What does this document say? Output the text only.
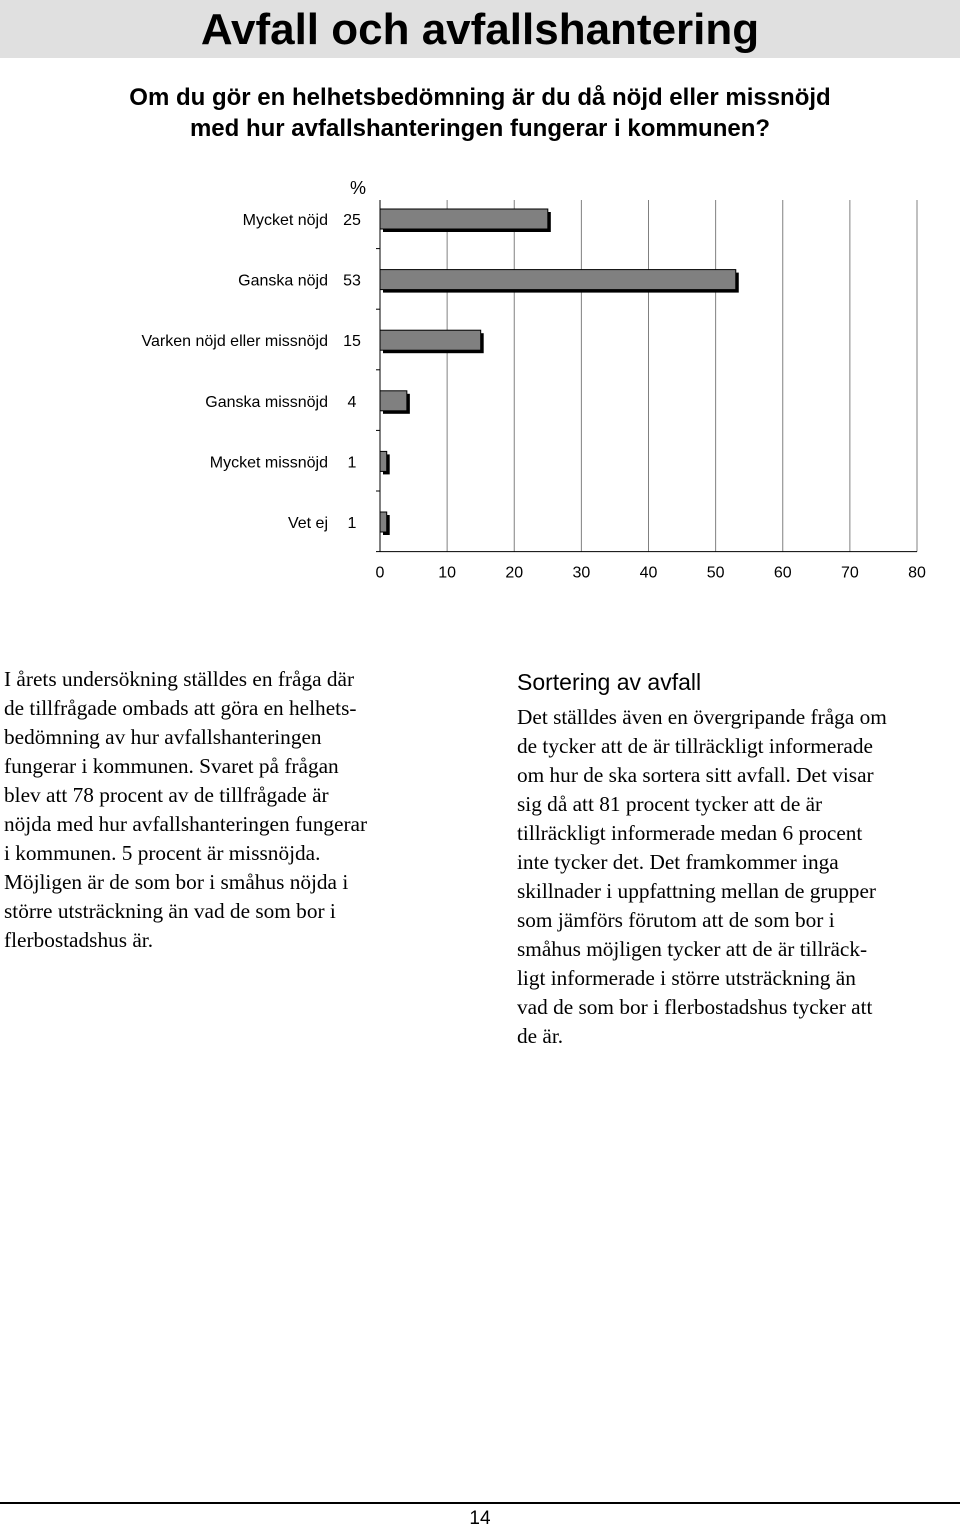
Avfall och avfallshantering
Om du gör en helhetsbedömning är du då nöjd eller missnöjd
med hur avfallshanteringen fungerar i kommunen?
%
Mycket nöjd 25
Ganska nöjd 53
Varken nöjd eller missnöjd 15
Ganska missnöjd 4
Mycket missnöjd 1
Vet ej 1
0	10	20	30	40	50	60	70	80
I årets undersökning ställdes en fråga där
de tillfrågade ombads att göra en helhets-
bedömning av hur avfallshanteringen
fungerar i kommunen. Svaret på frågan
blev att 78 procent av de tillfrågade är
nöjda med hur avfallshanteringen fungerar
i kommunen. 5 procent är missnöjda.
Möjligen är de som bor i småhus nöjda i
större utsträckning än vad de som bor i
flerbostadshus är.
Sortering av avfall
Det ställdes även en övergripande fråga om
de tycker att de är tillräckligt informerade
om hur de ska sortera sitt avfall. Det visar
sig då att 81 procent tycker att de är
tillräckligt informerade medan 6 procent
inte tycker det. Det framkommer inga
skillnader i uppfattning mellan de grupper
som jämförs förutom att de som bor i
småhus möjligen tycker att de är tillräck-
ligt informerade i större utsträckning än
vad de som bor i flerbostadshus tycker att
de är.
14
